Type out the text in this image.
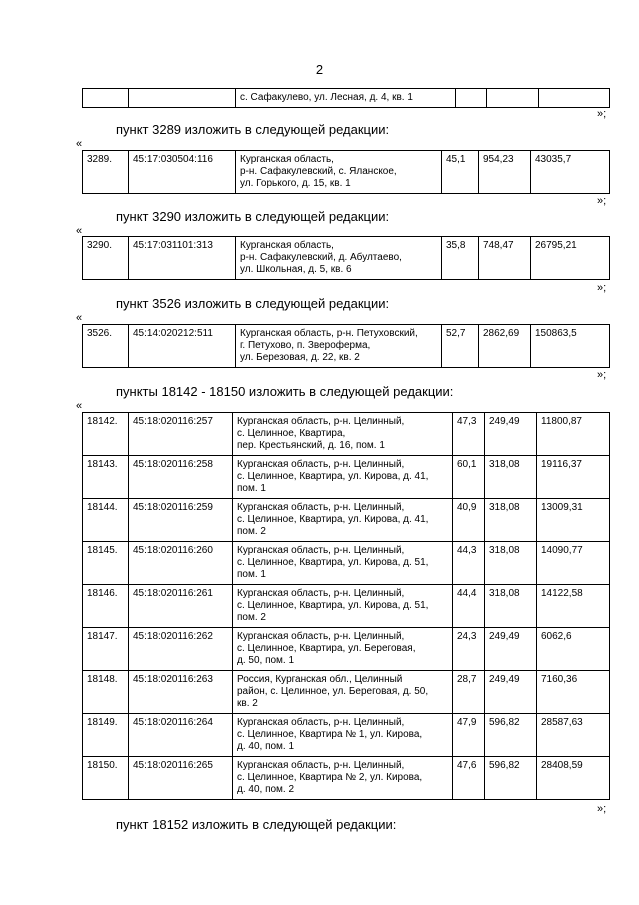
2
		с. Сафакулево, ул. Лесная, д. 4, кв. 1			
»;
пункт 3289 изложить в следующей редакции:
«
3289.	45:17:030504:116	Курганская область,
р-н. Сафакулевский, с. Яланское,
ул. Горького, д. 15, кв. 1	45,1	954,23	43035,7
»;
пункт 3290 изложить в следующей редакции:
«
3290.	45:17:031101:313	Курганская область,
р-н. Сафакулевский, д. Абултаево,
ул. Школьная, д. 5, кв. 6	35,8	748,47	26795,21
»;
пункт 3526 изложить в следующей редакции:
«
3526.	45:14:020212:511	Курганская область, р-н. Петуховский,
г. Петухово, п. Звероферма,
ул. Березовая, д. 22, кв. 2	52,7	2862,69	150863,5
»;
пункты 18142 - 18150 изложить в следующей редакции:
«
18142.	45:18:020116:257	Курганская область, р-н. Целинный,
с. Целинное, Квартира,
пер. Крестьянский, д. 16, пом. 1	47,3	249,49	11800,87
18143.	45:18:020116:258	Курганская область, р-н. Целинный,
с. Целинное, Квартира, ул. Кирова, д. 41,
пом. 1	60,1	318,08	19116,37
18144.	45:18:020116:259	Курганская область, р-н. Целинный,
с. Целинное, Квартира, ул. Кирова, д. 41,
пом. 2	40,9	318,08	13009,31
18145.	45:18:020116:260	Курганская область, р-н. Целинный,
с. Целинное, Квартира, ул. Кирова, д. 51,
пом. 1	44,3	318,08	14090,77
18146.	45:18:020116:261	Курганская область, р-н. Целинный,
с. Целинное, Квартира, ул. Кирова, д. 51,
пом. 2	44,4	318,08	14122,58
18147.	45:18:020116:262	Курганская область, р-н. Целинный,
с. Целинное, Квартира, ул. Береговая,
д. 50, пом. 1	24,3	249,49	6062,6
18148.	45:18:020116:263	Россия, Курганская обл., Целинный
район, с. Целинное, ул. Береговая, д. 50,
кв. 2	28,7	249,49	7160,36
18149.	45:18:020116:264	Курганская область, р-н. Целинный,
с. Целинное, Квартира № 1, ул. Кирова,
д. 40, пом. 1	47,9	596,82	28587,63
18150.	45:18:020116:265	Курганская область, р-н. Целинный,
с. Целинное, Квартира № 2, ул. Кирова,
д. 40, пом. 2	47,6	596,82	28408,59
»;
пункт 18152 изложить в следующей редакции:
